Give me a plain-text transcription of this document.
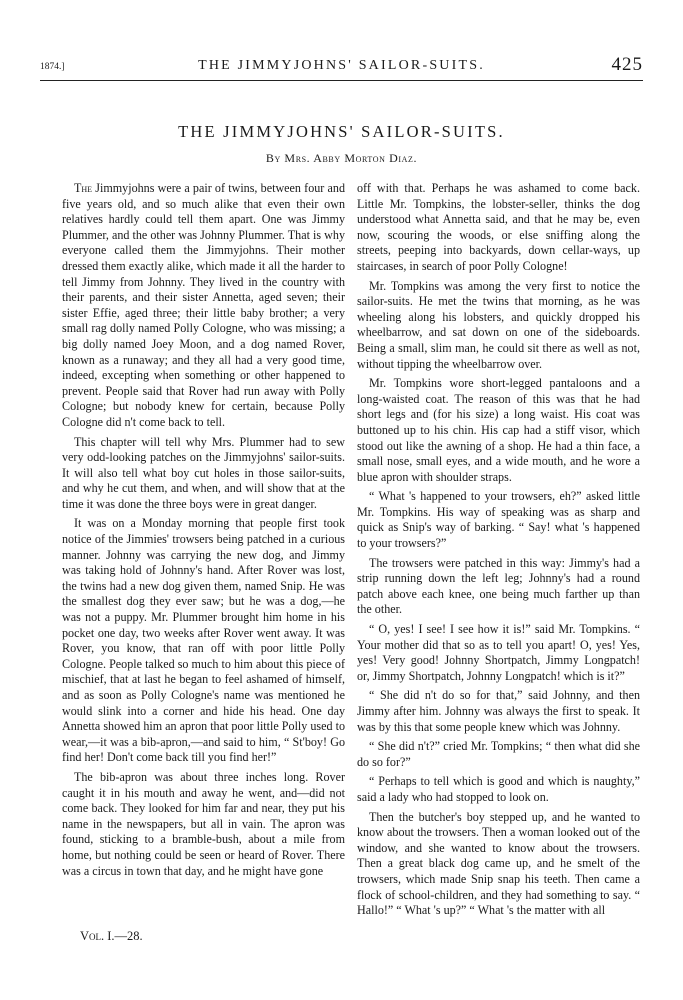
1874.]	THE JIMMYJOHNS' SAILOR-SUITS.	425
THE JIMMYJOHNS' SAILOR-SUITS.
By Mrs. Abby Morton Diaz.

The Jimmyjohns were a pair of twins, between four and five years old, and so much alike that even their own relatives hardly could tell them apart. One was Jimmy Plummer, and the other was Johnny Plummer. That is why everyone called them the Jimmyjohns. Their mother dressed them exactly alike, which made it all the harder to tell Jimmy from Johnny. They lived in the country with their parents, and their sister Annetta, aged seven; their sister Effie, aged three; their little baby brother; a very small rag dolly named Polly Cologne, who was missing; a big dolly named Joey Moon, and a dog named Rover, known as a runaway; and they all had a very good time, indeed, excepting when something or other happened to prevent. People said that Rover had run away with Polly Cologne; but nobody knew for certain, because Polly Cologne did n't come back to tell.

This chapter will tell why Mrs. Plummer had to sew very odd-looking patches on the Jimmyjohns' sailor-suits. It will also tell what boy cut holes in those sailor-suits, and why he cut them, and when, and will show that at the time it was done the three boys were in great danger.

It was on a Monday morning that people first took notice of the Jimmies' trowsers being patched in a curious manner. Johnny was carrying the new dog, and Jimmy was taking hold of Johnny's hand. After Rover was lost, the twins had a new dog given them, named Snip. He was the smallest dog they ever saw; but he was a dog,—he was not a puppy. Mr. Plummer brought him home in his pocket one day, two weeks after Rover went away. It was Rover, you know, that ran off with poor little Polly Cologne. People talked so much to him about this piece of mischief, that at last he began to feel ashamed of himself, and as soon as Polly Cologne's name was mentioned he would slink into a corner and hide his head. One day Annetta showed him an apron that poor little Polly used to wear,—it was a bib-apron,—and said to him, “ St'boy! Go find her! Don't come back till you find her!”

The bib-apron was about three inches long. Rover caught it in his mouth and away he went, and—did not come back. They looked for him far and near, they put his name in the newspapers, but all in vain. The apron was found, sticking to a bramble-bush, about a mile from home, but nothing could be seen or heard of Rover. There was a circus in town that day, and he might have gone

off with that. Perhaps he was ashamed to come back. Little Mr. Tompkins, the lobster-seller, thinks the dog understood what Annetta said, and that he may be, even now, scouring the woods, or else sniffing along the streets, peeping into backyards, down cellar-ways, up staircases, in search of poor Polly Cologne!

Mr. Tompkins was among the very first to notice the sailor-suits. He met the twins that morning, as he was wheeling along his lobsters, and quickly dropped his wheelbarrow, and sat down on one of the sideboards. Being a small, slim man, he could sit there as well as not, without tipping the wheelbarrow over.

Mr. Tompkins wore short-legged pantaloons and a long-waisted coat. The reason of this was that he had short legs and (for his size) a long waist. His coat was buttoned up to his chin. His cap had a stiff visor, which stood out like the awning of a shop. He had a thin face, a small nose, small eyes, and a wide mouth, and he wore a blue apron with shoulder straps.

“ What 's happened to your trowsers, eh?” asked little Mr. Tompkins. His way of speaking was as sharp and quick as Snip's way of barking. “ Say! what 's happened to your trowsers?”

The trowsers were patched in this way: Jimmy's had a strip running down the left leg; Johnny's had a round patch above each knee, one being much farther up than the other.

“ O, yes! I see! I see how it is!” said Mr. Tompkins. “ Your mother did that so as to tell you apart! O, yes! Yes, yes! Very good! Johnny Shortpatch, Jimmy Longpatch! or, Jimmy Shortpatch, Johnny Longpatch! which is it?”

“ She did n't do so for that,” said Johnny, and then Jimmy after him. Johnny was always the first to speak. It was by this that some people knew which was Johnny.

“ She did n't?” cried Mr. Tompkins; “ then what did she do so for?”

“ Perhaps to tell which is good and which is naughty,” said a lady who had stopped to look on.

Then the butcher's boy stepped up, and he wanted to know about the trowsers. Then a woman looked out of the window, and she wanted to know about the trowsers. Then a great black dog came up, and he smelt of the trowsers, which made Snip snap his teeth. Then came a flock of school-children, and they had something to say. “ Hallo!” “ What 's up?” “ What 's the matter with all

Vol. I.—28.
